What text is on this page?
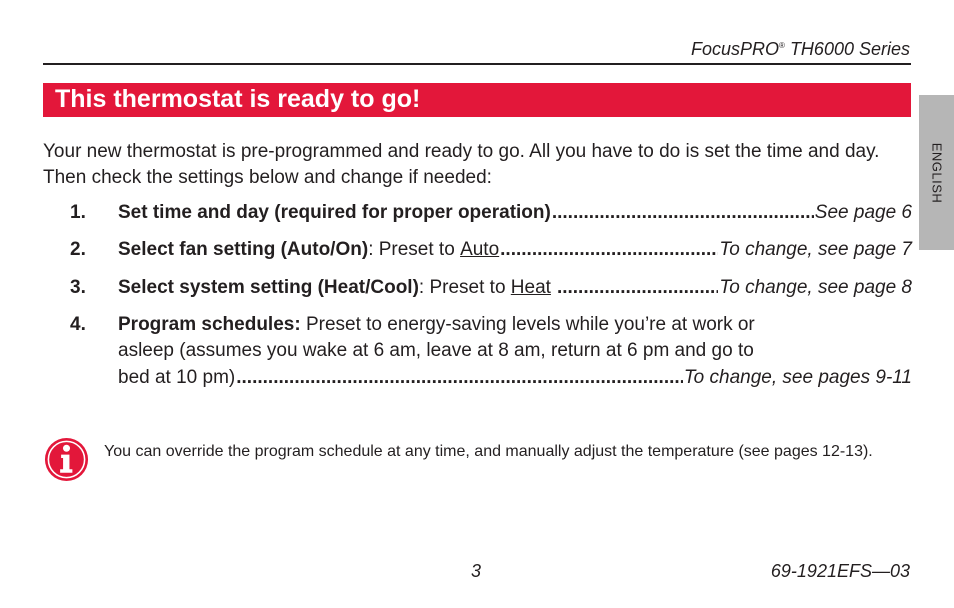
FocusPRO® TH6000 Series
This thermostat is ready to go!
ENGLISH

Your new thermostat is pre-programmed and ready to go. All you have to do is set the time and day. Then check the settings below and change if needed:

1. Set time and day (required for proper operation) .....	See page 6
2. Select fan setting (Auto/On) : Preset to Auto .....	To change, see page 7
3. Select system setting (Heat/Cool) : Preset to Heat .....	To change, see page 8
4. Program schedules: Preset to energy-saving levels while you’re at work or
asleep (assumes you wake at 6 am, leave at 8 am, return at 6 pm and go to
bed at 10 pm) .....	To change, see pages 9-11

You can override the program schedule at any time, and manually adjust the temperature (see pages 12-13).

3	69-1921EFS—03
